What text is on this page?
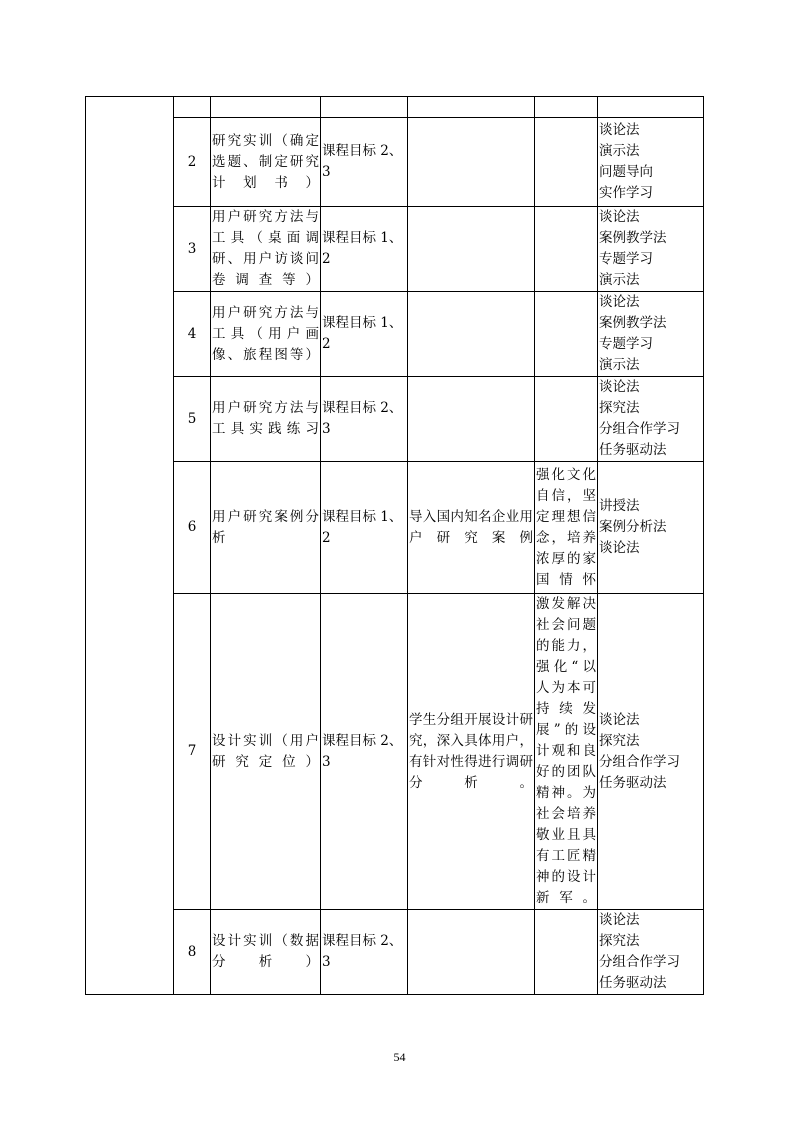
	2	研究实训（确定选题、制定研究计划书）	课程目标 2、3			谈论法
演示法
问题导向
实作学习
	3	用户研究方法与工具（桌面调研、用户访谈问卷调查等）	课程目标 1、2			谈论法
案例教学法
专题学习
演示法
	4	用户研究方法与工具（用户画像、旅程图等）	课程目标 1、2			谈论法
案例教学法
专题学习
演示法
	5	用户研究方法与工具实践练习	课程目标 2、3			谈论法
探究法
分组合作学习
任务驱动法
	6	用户研究案例分析	课程目标 1、2	导入国内知名企业用户研究案例	强化文化自信，坚定理想信念，培养浓厚的家国情怀	讲授法
案例分析法
谈论法
	7	设计实训（用户研究定位）	课程目标 2、3	学生分组开展设计研究，深入具体用户，有针对性得进行调研分析。	激发解决社会问题的能力，强化“以人为本可持续发展”的设计观和良好的团队精神。为社会培养敬业且具有工匠精神的设计新军。	谈论法
探究法
分组合作学习
任务驱动法
	8	设计实训（数据分析）	课程目标 2、3			谈论法
探究法
分组合作学习
任务驱动法
54
